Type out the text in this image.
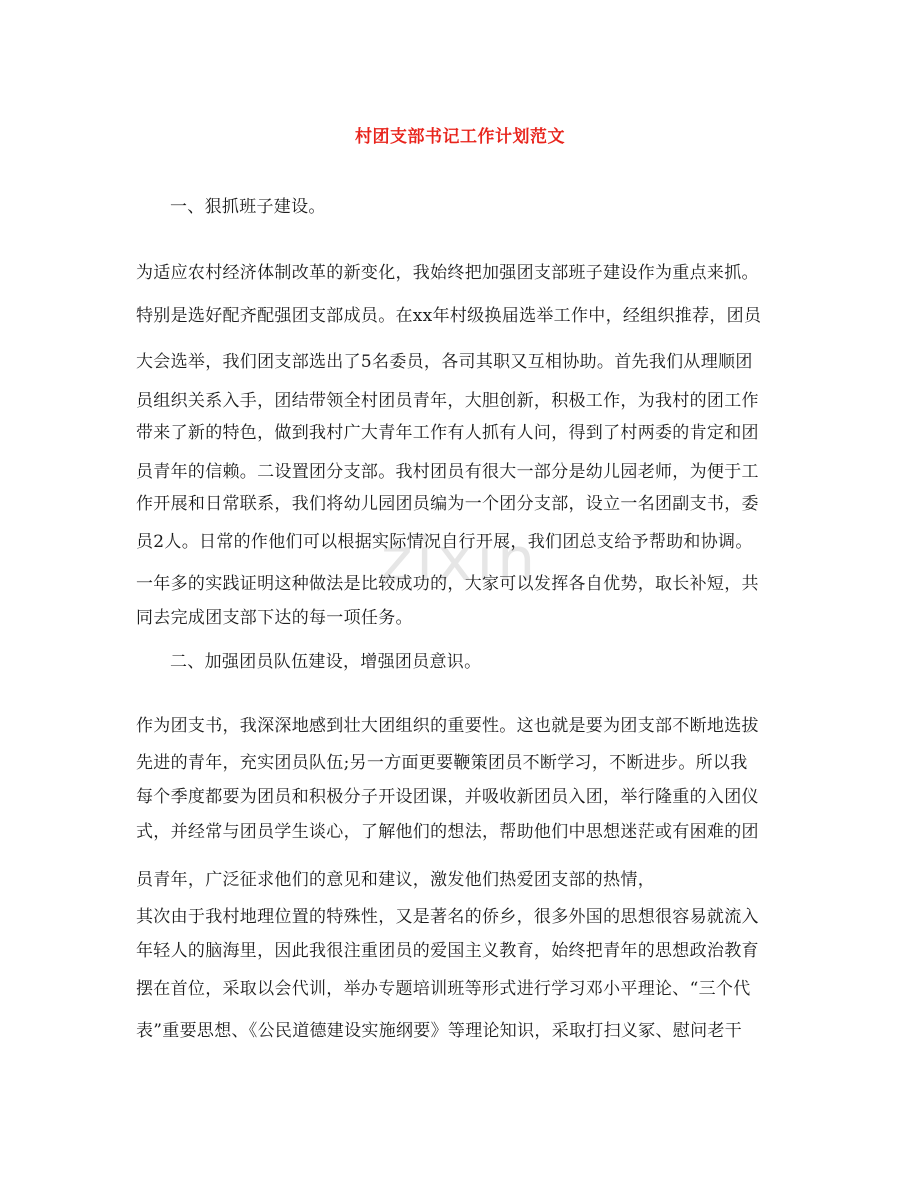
zixin
村团支部书记工作计划范文
一、狠抓班子建设。
为适应农村经济体制改革的新变化，我始终把加强团支部班子建设作为重点来抓。
特别是选好配齐配强团支部成员。在xx年村级换届选举工作中，经组织推荐，团员
大会选举，我们团支部选出了5名委员，各司其职又互相协助。首先我们从理顺团
员组织关系入手，团结带领全村团员青年，大胆创新，积极工作，为我村的团工作
带来了新的特色，做到我村广大青年工作有人抓有人问，得到了村两委的肯定和团
员青年的信赖。二设置团分支部。我村团员有很大一部分是幼儿园老师，为便于工
作开展和日常联系，我们将幼儿园团员编为一个团分支部，设立一名团副支书，委
员2人。日常的作他们可以根据实际情况自行开展，我们团总支给予帮助和协调。
一年多的实践证明这种做法是比较成功的，大家可以发挥各自优势，取长补短，共
同去完成团支部下达的每一项任务。
二、加强团员队伍建设，增强团员意识。
作为团支书，我深深地感到壮大团组织的重要性。这也就是要为团支部不断地选拔
先进的青年，充实团员队伍;另一方面更要鞭策团员不断学习，不断进步。所以我
每个季度都要为团员和积极分子开设团课，并吸收新团员入团，举行隆重的入团仪
式，并经常与团员学生谈心，了解他们的想法，帮助他们中思想迷茫或有困难的团
员青年，广泛征求他们的意见和建议，激发他们热爱团支部的热情，
其次由于我村地理位置的特殊性，又是著名的侨乡，很多外国的思想很容易就流入
年轻人的脑海里，因此我很注重团员的爱国主义教育，始终把青年的思想政治教育
摆在首位，采取以会代训，举办专题培训班等形式进行学习邓小平理论、“三个代
表”重要思想、《公民道德建设实施纲要》等理论知识，采取打扫义冢、慰问老干
